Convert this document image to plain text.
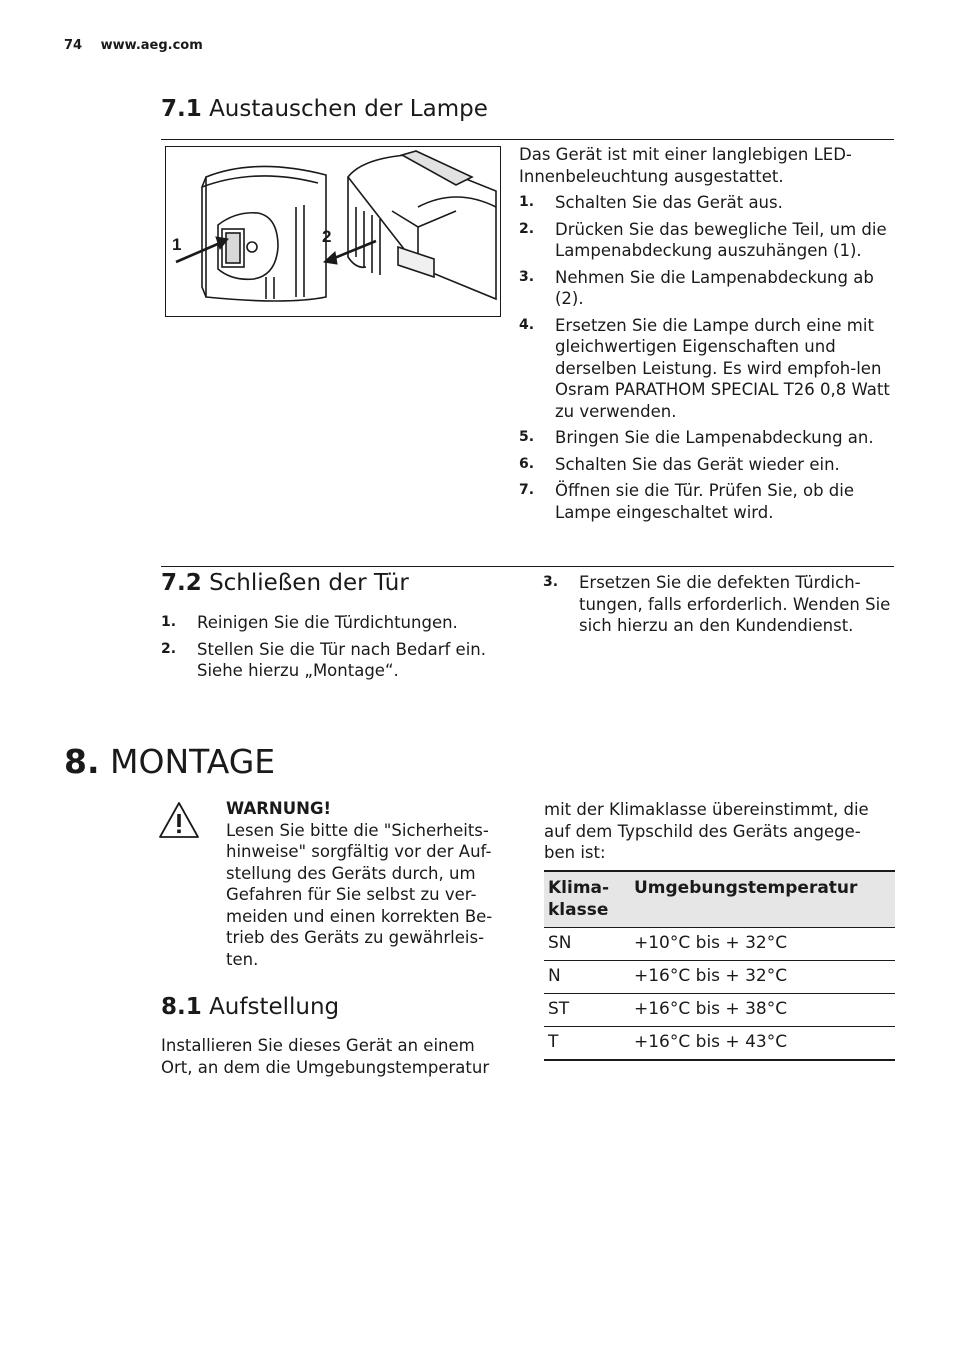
74 www.aeg.com
7.1 Austauschen der Lampe
1	2

Das Gerät ist mit einer langlebigen LED-Innenbeleuchtung ausgestattet.

1. Schalten Sie das Gerät aus.
2. Drücken Sie das bewegliche Teil, um die Lampenabdeckung auszuhängen (1).
3. Nehmen Sie die Lampenabdeckung ab (2).
4. Ersetzen Sie die Lampe durch eine mit gleichwertigen Eigenschaften und derselben Leistung. Es wird empfoh-len Osram PARATHOM SPECIAL T26 0,8 Watt zu verwenden.
5. Bringen Sie die Lampenabdeckung an.
6. Schalten Sie das Gerät wieder ein.
7. Öffnen sie die Tür. Prüfen Sie, ob die Lampe eingeschaltet wird.
7.2 Schließen der Tür
1. Reinigen Sie die Türdichtungen.
2. Stellen Sie die Tür nach Bedarf ein. Siehe hierzu „Montage“.
3. Ersetzen Sie die defekten Türdich-tungen, falls erforderlich. Wenden Sie sich hierzu an den Kundendienst.
8. MONTAGE
WARNUNG!
Lesen Sie bitte die "Sicherheits-hinweise" sorgfältig vor der Auf-stellung des Geräts durch, um Gefahren für Sie selbst zu ver-meiden und einen korrekten Be-trieb des Geräts zu gewährleis-ten.
8.1 Aufstellung
Installieren Sie dieses Gerät an einem Ort, an dem die Umgebungstemperatur
mit der Klimaklasse übereinstimmt, die auf dem Typschild des Geräts angege-ben ist:
Klima-klasse	Umgebungstemperatur
SN	+10°C bis + 32°C
N	+16°C bis + 32°C
ST	+16°C bis + 38°C
T	+16°C bis + 43°C
